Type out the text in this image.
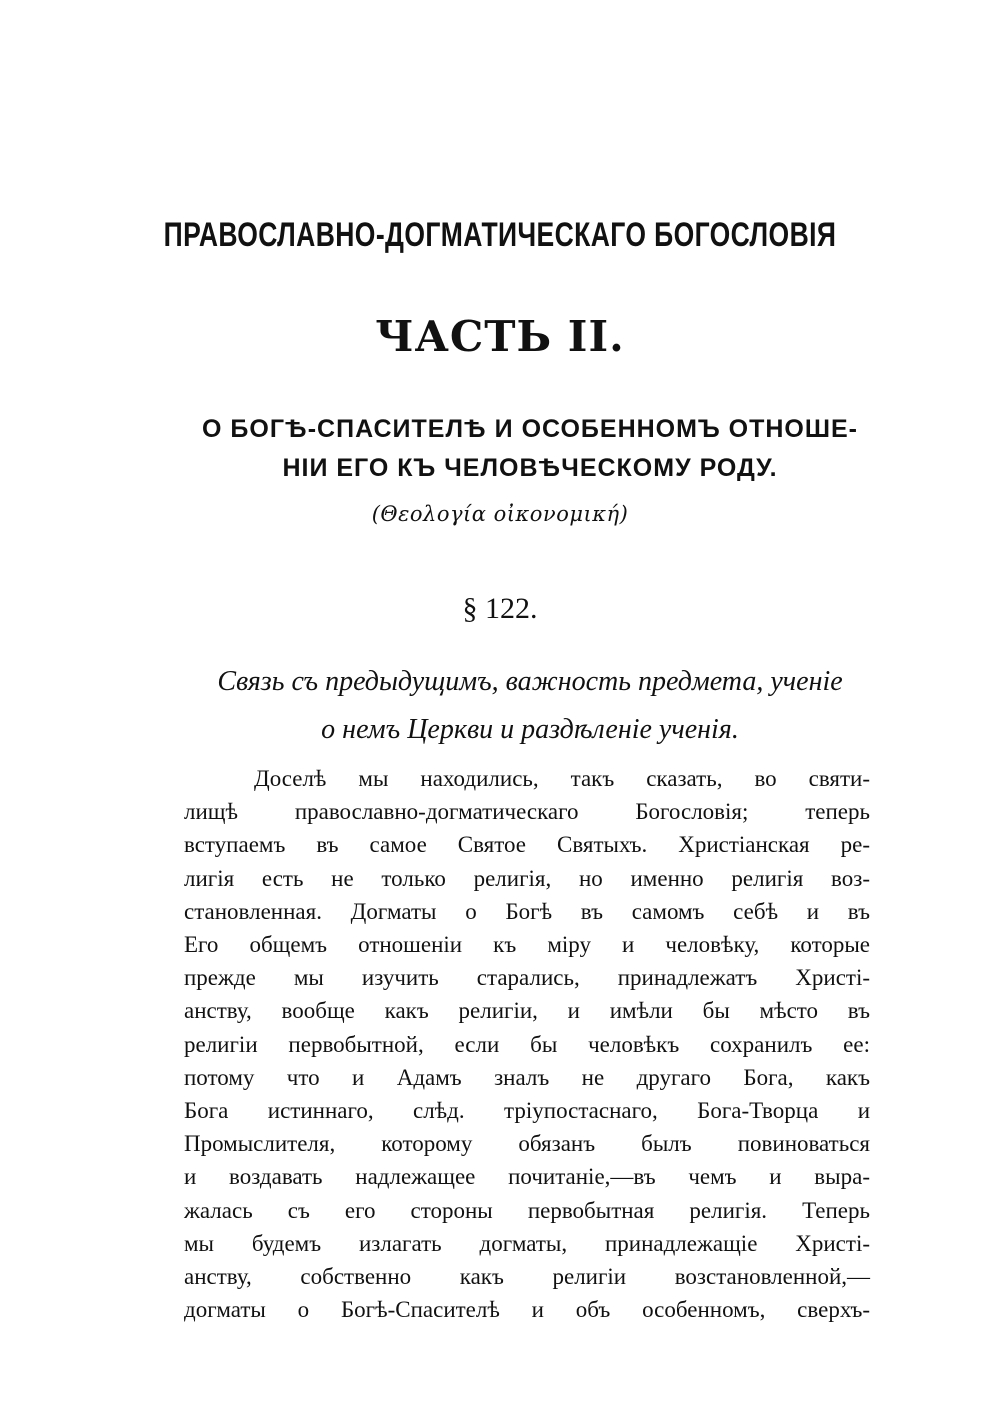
ПРАВОСЛАВНО-ДОГМАТИЧЕСКАГО БОГОСЛОВІЯ
ЧАСТЬ II.
О БОГѢ-СПАСИТЕЛѢ И ОСОБЕННОМЪ ОТНОШЕ-
НІИ ЕГО КЪ ЧЕЛОВѢЧЕСКОМУ РОДУ.
(Θεολογία οἰκονομική)
§ 122.
Связь съ предыдущимъ, важность предмета, ученіе
о немъ Церкви и раздѣленіе ученія.
Доселѣ мы находились, такъ сказать, во святи-
лищѣ православно-догматическаго Богословія; теперь
вступаемъ въ самое Святое Святыхъ. Христіанская ре-
лигія есть не только религія, но именно религія воз-
становленная. Догматы о Богѣ въ самомъ себѣ и въ
Его общемъ отношеніи къ міру и человѣку, которые
прежде мы изучить старались, принадлежатъ Христі-
анству, вообще какъ религіи, и имѣли бы мѣсто въ
религіи первобытной, если бы человѣкъ сохранилъ ее:
потому что и Адамъ зналъ не другаго Бога, какъ
Бога истиннаго, слѣд. тріупостаснаго, Бога-Творца и
Промыслителя, которому обязанъ былъ повиноваться
и воздавать надлежащее почитаніе,—въ чемъ и выра-
жалась съ его стороны первобытная религія. Теперь
мы будемъ излагать догматы, принадлежащіе Христі-
анству, собственно какъ религіи возстановленной,—
догматы о Богѣ-Спасителѣ и объ особенномъ, сверхъ-
